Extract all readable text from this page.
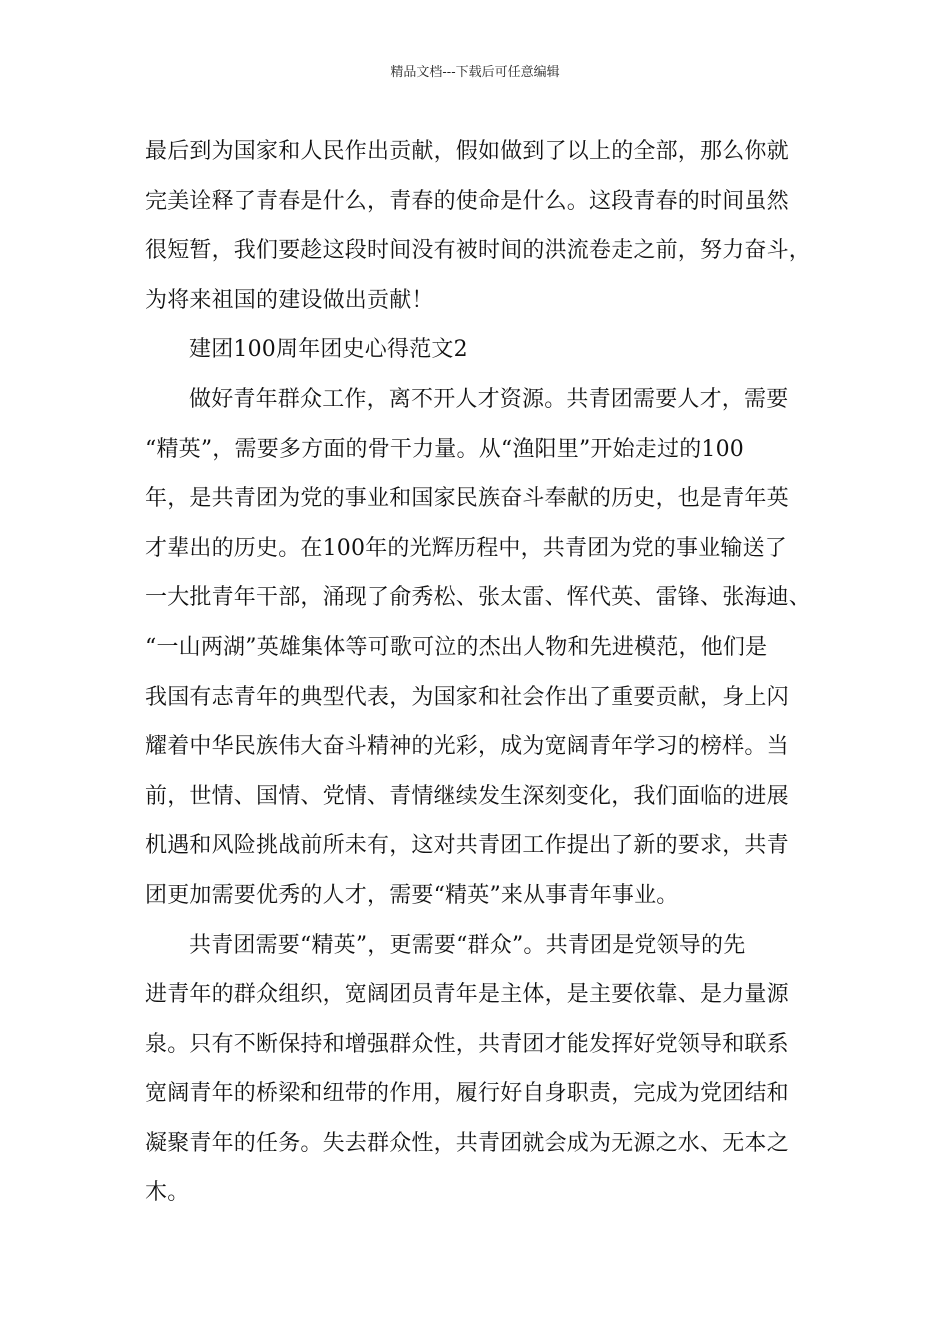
精品文档---下载后可任意编辑
最后到为国家和人民作出贡献，假如做到了以上的全部，那么你就
完美诠释了青春是什么，青春的使命是什么。这段青春的时间虽然
很短暂，我们要趁这段时间没有被时间的洪流卷走之前，努力奋斗，
为将来祖国的建设做出贡献！
建团100周年团史心得范文2
做好青年群众工作，离不开人才资源。共青团需要人才，需要
“精英”，需要多方面的骨干力量。从“渔阳里”开始走过的100
年，是共青团为党的事业和国家民族奋斗奉献的历史，也是青年英
才辈出的历史。在100年的光辉历程中，共青团为党的事业输送了
一大批青年干部，涌现了俞秀松、张太雷、恽代英、雷锋、张海迪、
“一山两湖”英雄集体等可歌可泣的杰出人物和先进模范，他们是
我国有志青年的典型代表，为国家和社会作出了重要贡献，身上闪
耀着中华民族伟大奋斗精神的光彩，成为宽阔青年学习的榜样。当
前，世情、国情、党情、青情继续发生深刻变化，我们面临的进展
机遇和风险挑战前所未有，这对共青团工作提出了新的要求，共青
团更加需要优秀的人才，需要“精英”来从事青年事业。
共青团需要“精英”，更需要“群众”。共青团是党领导的先
进青年的群众组织，宽阔团员青年是主体，是主要依靠、是力量源
泉。只有不断保持和增强群众性，共青团才能发挥好党领导和联系
宽阔青年的桥梁和纽带的作用，履行好自身职责，完成为党团结和
凝聚青年的任务。失去群众性，共青团就会成为无源之水、无本之
木。
